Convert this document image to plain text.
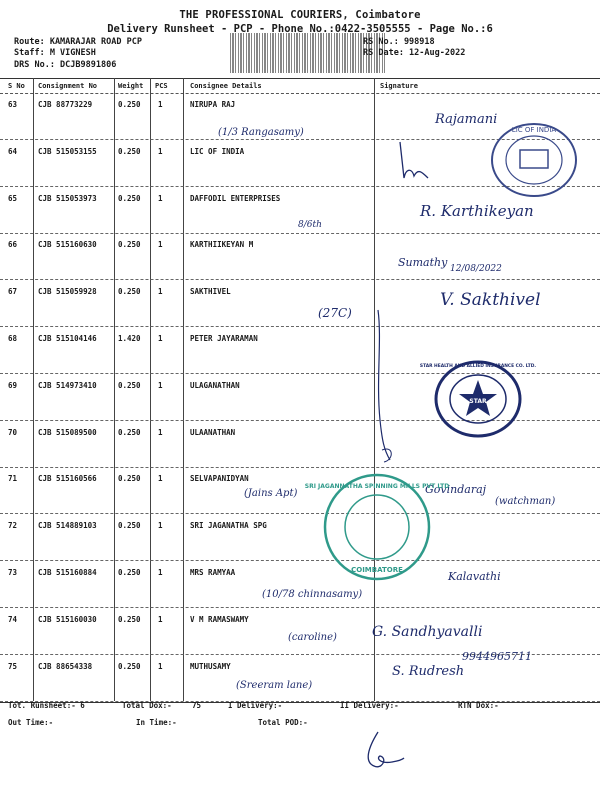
THE PROFESSIONAL COURIERS, Coimbatore
Delivery Runsheet - PCP - Phone No.:0422-3505555 - Page No.:6
Route: KAMARAJAR ROAD PCP
Staff: M VIGNESH
DRS No.: DCJB9891806
RS No.: 998918
RS Date: 12-Aug-2022
S No Consignment No	Weight PCS	Consignee Details	Signature
63	CJB 88773229	0.250 1	NIRUPA RAJ
64	CJB 515053155	0.250 1	LIC OF INDIA
65	CJB 515053973	0.250 1	DAFFODIL ENTERPRISES
66	CJB 515160630	0.250 1	KARTHIIKEYAN M
67	CJB 515059928	0.250 1	SAKTHIVEL
68	CJB 515104146	1.420 1	PETER JAYARAMAN
69	CJB 514973410	0.250 1	ULAGANATHAN
70	CJB 515089500	0.250 1	ULAANATHAN
71	CJB 515160566	0.250 1	SELVAPANIDYAN
72	CJB 514889103	0.250 1	SRI JAGANATHA SPG
73	CJB 515160884	0.250 1	MRS RAMYAA
74	CJB 515160030	0.250 1	V M RAMASWAMY
75	CJB 88654338	0.250 1	MUTHUSAMY
Rajamani
(1/3 Rangasamy)
8/6th
R. Karthikeyan
Sumathy 12/08/2022
(27C)
V. Sakthivel
(Jains Apt)	Govindaraj
(watchman)
(10/78 chinnasamy)
Kalavathi
(caroline)	G. Sandhyavalli
9944965711
S. Rudresh
(Sreeram lane)
LIC OF INDIA
STAR
STAR HEALTH AND ALLIED INSURANCE CO. LTD.
SRI JAGANNATHA SPINNING MILLS PVT LTD
COIMBATORE
Tot. Runsheet:- 6	Total Dox:-	75	I Delivery:-	II Delivery:-	RTN Dox:-
Out Time:-	In Time:-	Total POD:-
